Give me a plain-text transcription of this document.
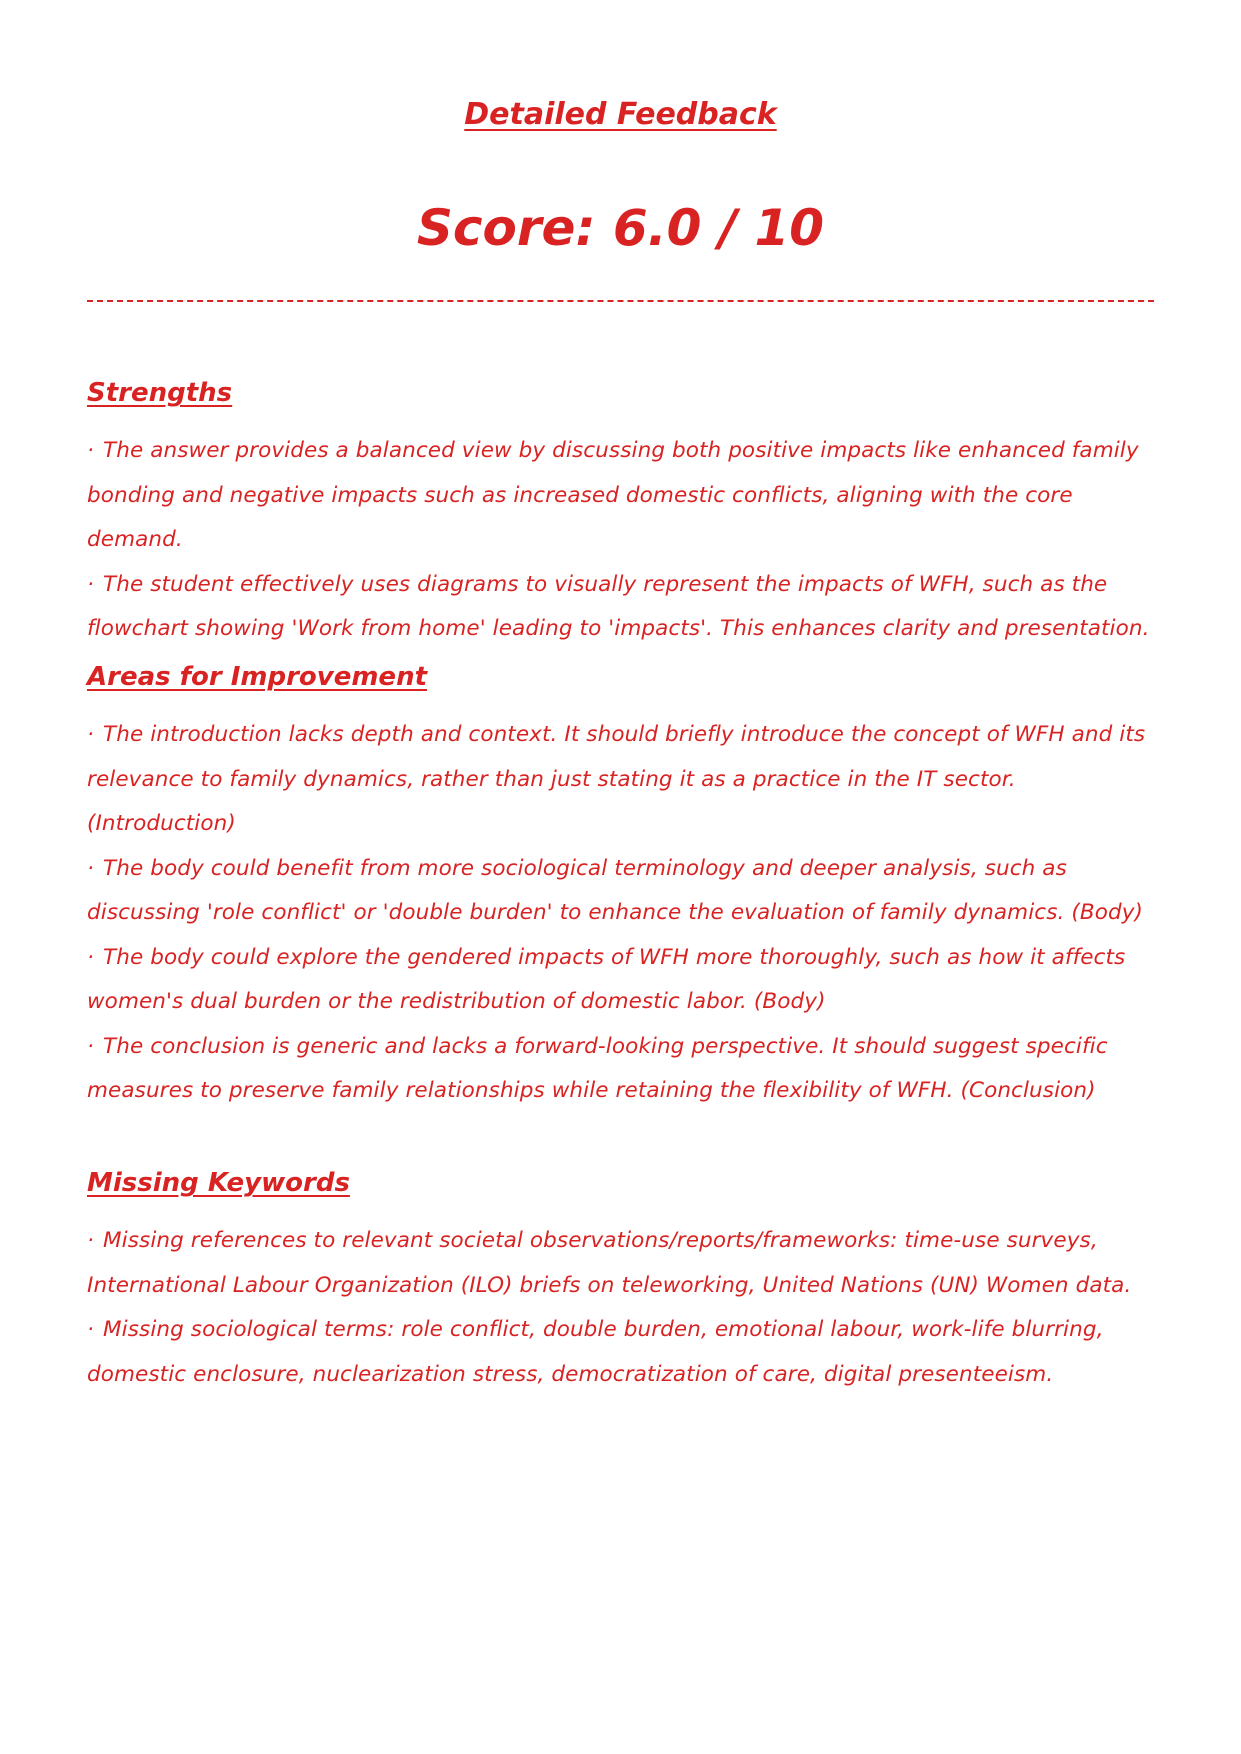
Detailed Feedback
Score: 6.0 / 10
Strengths
· The answer provides a balanced view by discussing both positive impacts like enhanced family bonding and negative impacts such as increased domestic conflicts, aligning with the core demand.
· The student effectively uses diagrams to visually represent the impacts of WFH, such as the flowchart showing 'Work from home' leading to 'impacts'. This enhances clarity and presentation.
Areas for Improvement
· The introduction lacks depth and context. It should briefly introduce the concept of WFH and its relevance to family dynamics, rather than just stating it as a practice in the IT sector. (Introduction)
· The body could benefit from more sociological terminology and deeper analysis, such as discussing 'role conflict' or 'double burden' to enhance the evaluation of family dynamics. (Body)
· The body could explore the gendered impacts of WFH more thoroughly, such as how it affects women's dual burden or the redistribution of domestic labor. (Body)
· The conclusion is generic and lacks a forward-looking perspective. It should suggest specific measures to preserve family relationships while retaining the flexibility of WFH. (Conclusion)
Missing Keywords
· Missing references to relevant societal observations/reports/frameworks: time-use surveys, International Labour Organization (ILO) briefs on teleworking, United Nations (UN) Women data.
· Missing sociological terms: role conflict, double burden, emotional labour, work-life blurring, domestic enclosure, nuclearization stress, democratization of care, digital presenteeism.
